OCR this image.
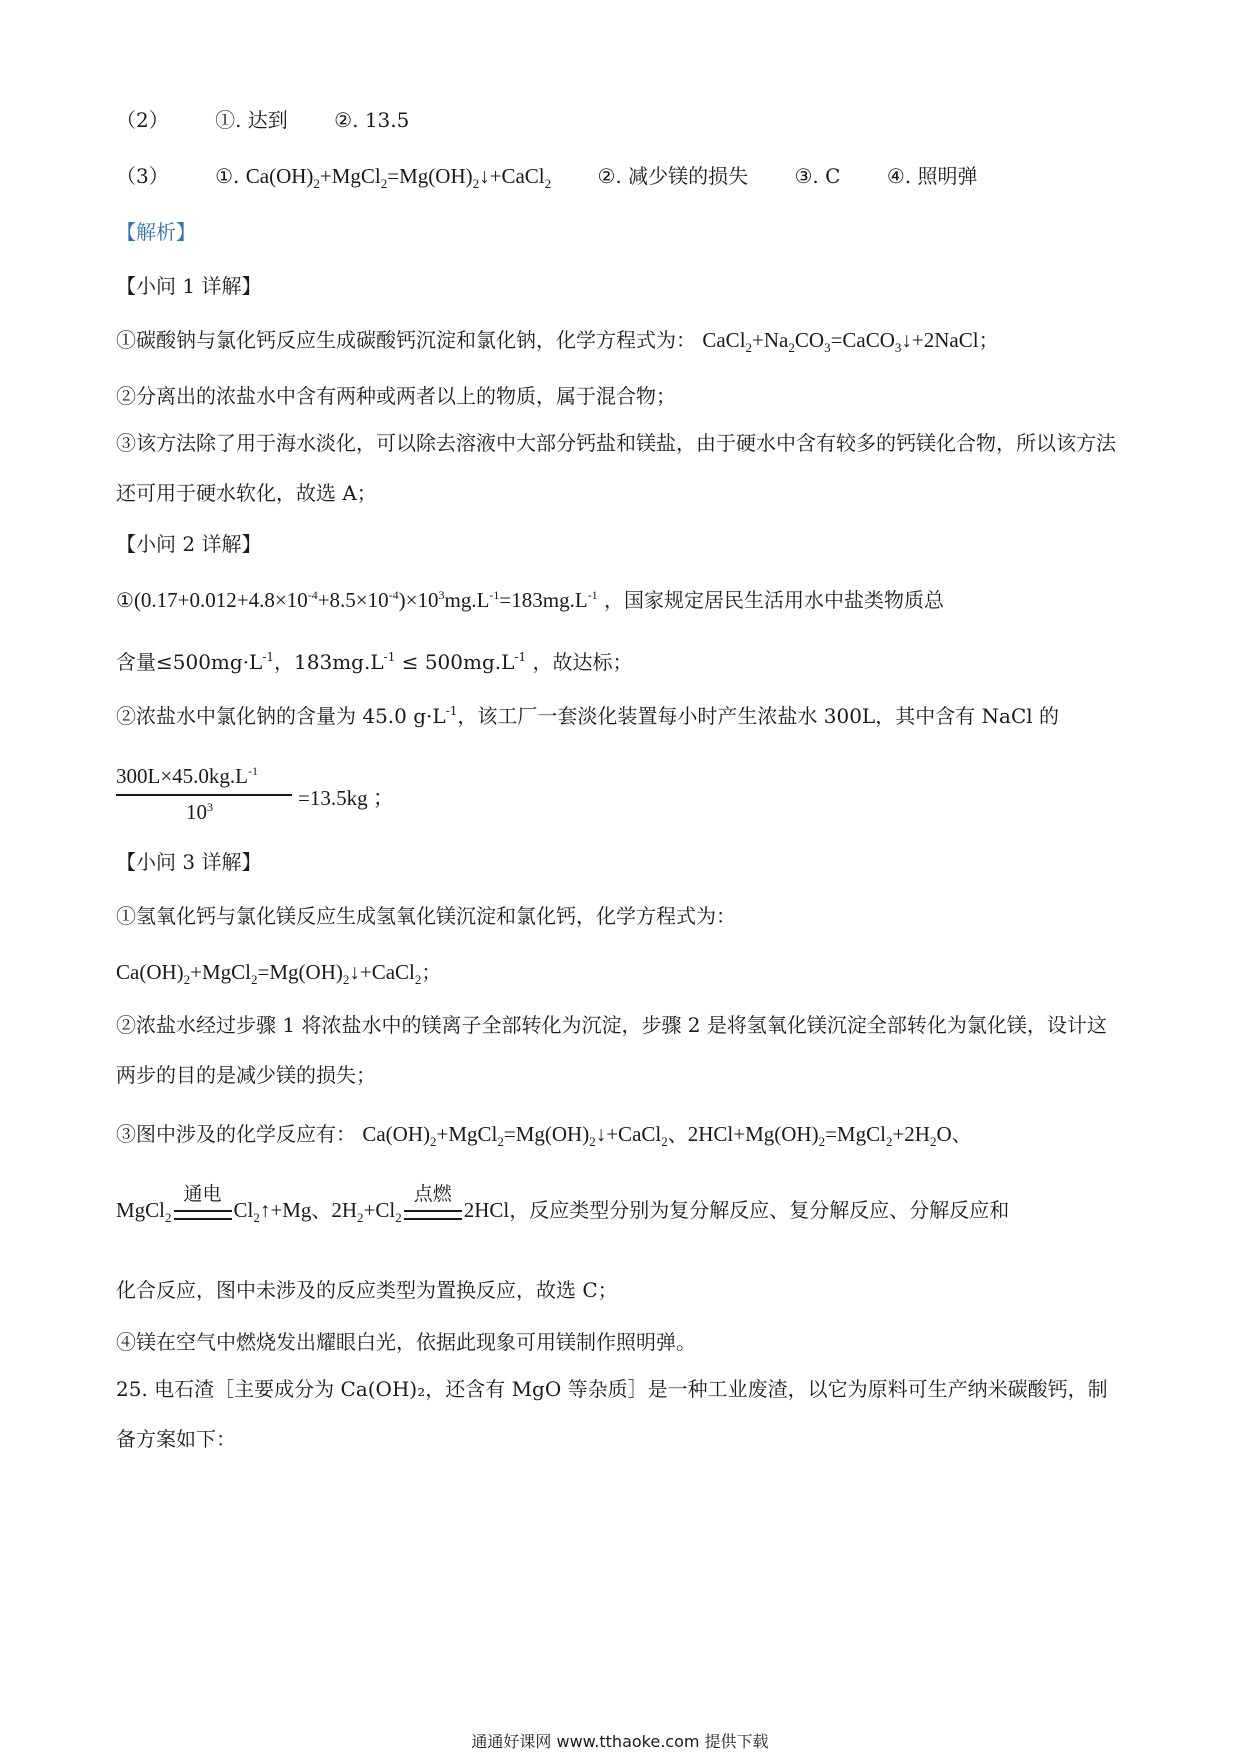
（2） ①. 达到 ②. 13.5
（3） ①. $Ca(OH)_2+MgCl_2=Mg(OH)_2↓+CaCl_2$ ②. 减少镁的损失 ③. C ④. 照明弹
【解析】
【小问 1 详解】
①碳酸钠与氯化钙反应生成碳酸钙沉淀和氯化钠，化学方程式为： $CaCl_2+Na_2CO_3=CaCO_3↓+2NaCl$；
②分离出的浓盐水中含有两种或两者以上的物质，属于混合物；
③该方法除了用于海水淡化，可以除去溶液中大部分钙盐和镁盐，由于硬水中含有较多的钙镁化合物，所以该方法还可用于硬水软化，故选 A；
【小问 2 详解】
$①(0.17+0.012+4.8\times 10^{-4}+8.5\times 10^{-4})\times 10^3mg.L^{-1}=183mg.L^{-1}$ ，国家规定居民生活用水中盐类物质总
含量$\le 500mg\cdot L^{-1}$，$183mg.L^{-1} \le 500mg.L^{-1}$ ，故达标；
②浓盐水中氯化钠的含量为 45.0 $g\cdot L^{-1}$，该工厂一套淡化装置每小时产生浓盐水 300L，其中含有 NaCl 的
$300L\times 45.0kg.L^{-1}$
$10^3$	=13.5kg ；
【小问 3 详解】
①氢氧化钙与氯化镁反应生成氢氧化镁沉淀和氯化钙，化学方程式为：
$Ca(OH)_2+MgCl_2=Mg(OH)_2↓+CaCl_2$；
②浓盐水经过步骤 1 将浓盐水中的镁离子全部转化为沉淀，步骤 2 是将氢氧化镁沉淀全部转化为氯化镁，设计这两步的目的是减少镁的损失；
③图中涉及的化学反应有： $Ca(OH)_2+MgCl_2=Mg(OH)_2↓+CaCl_2$、$2HCl+Mg(OH)_2=MgCl_2+2H_2O$、
MgCl$_2$
通电
$Cl_2↑+Mg$、$2H_2+Cl_2$
点燃
2HCl，反应类型分别为复分解反应、复分解反应、分解反应和
化合反应，图中未涉及的反应类型为置换反应，故选 C；
④镁在空气中燃烧发出耀眼白光，依据此现象可用镁制作照明弹。
25. 电石渣［主要成分为 Ca(OH)₂，还含有 MgO 等杂质］是一种工业废渣，以它为原料可生产纳米碳酸钙，制备方案如下：
通通好课网 www.tthaoke.com 提供下载
